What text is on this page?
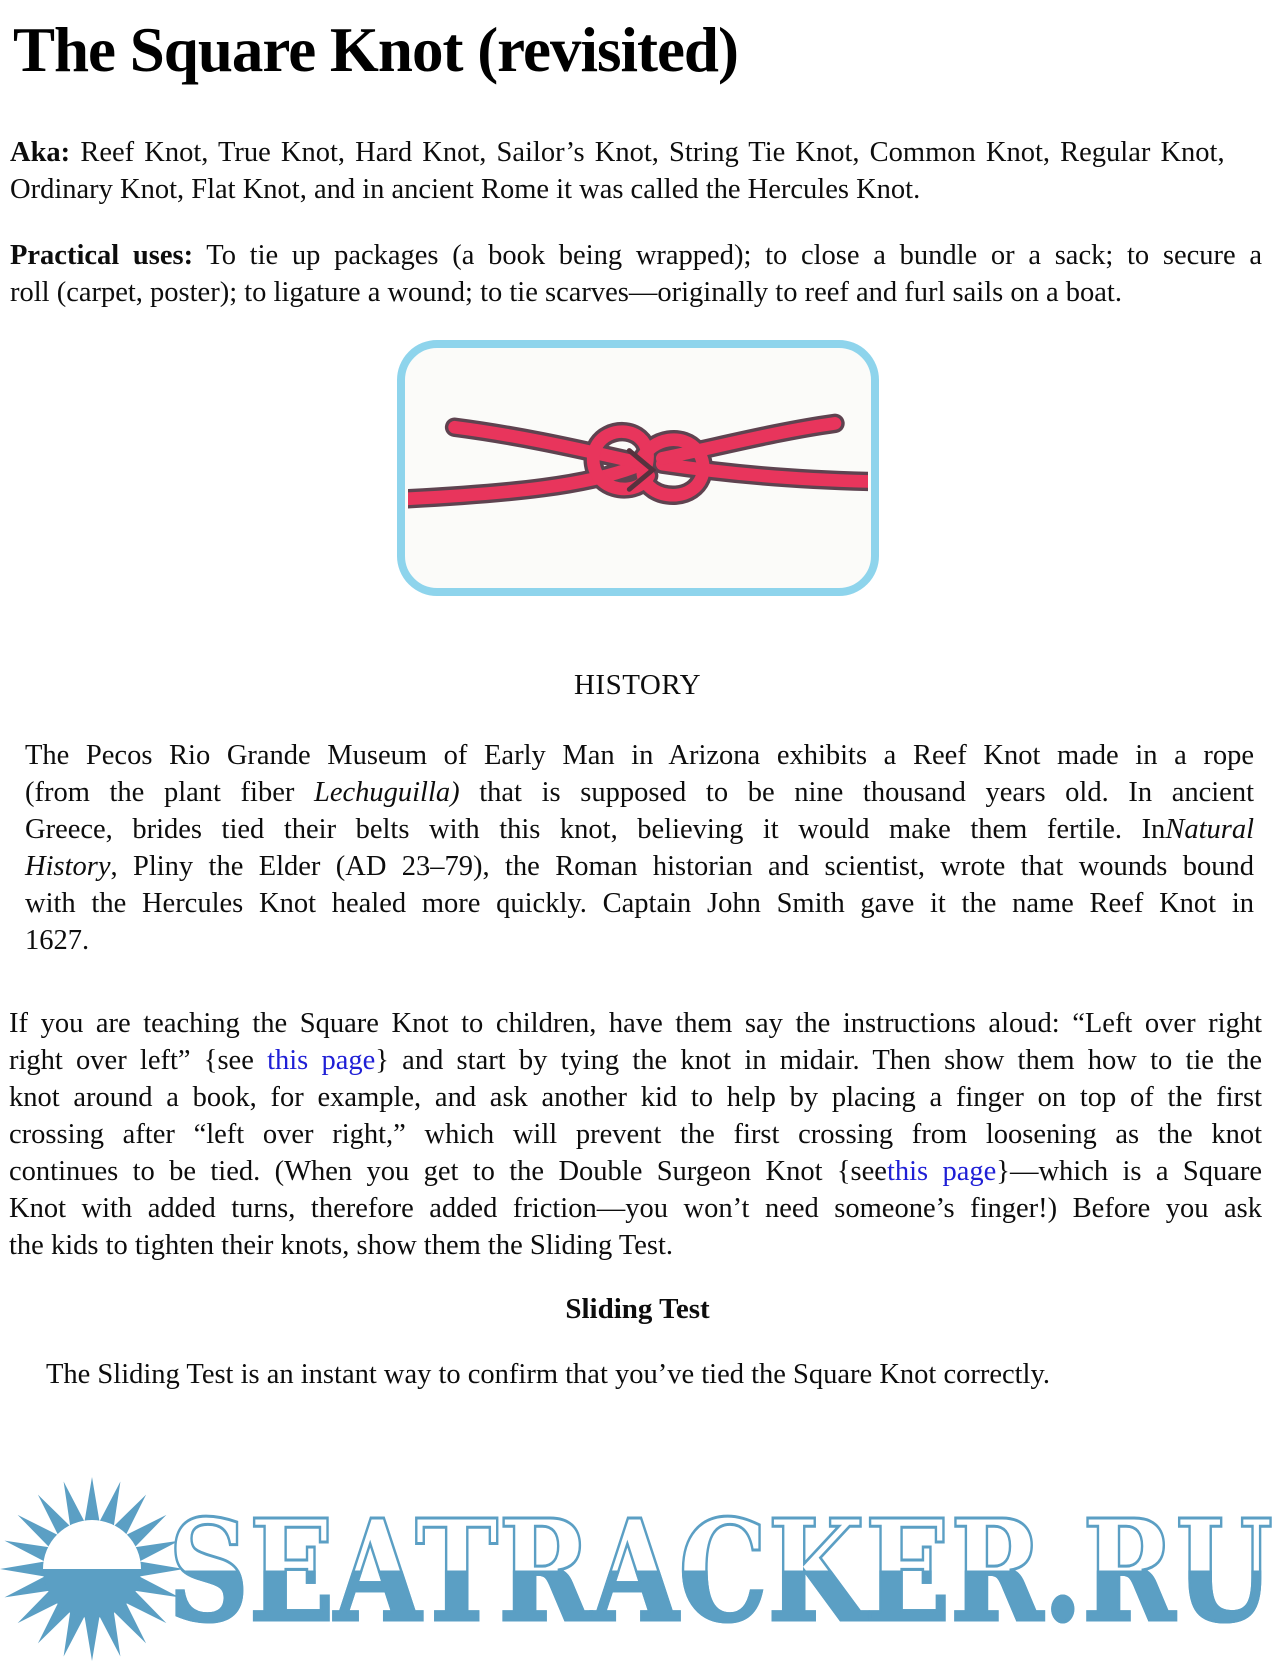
The Square Knot (revisited)

Aka: Reef Knot, True Knot, Hard Knot, Sailor’s Knot, String Tie Knot, Common Knot, Regular Knot,
Ordinary Knot, Flat Knot, and in ancient Rome it was called the Hercules Knot.

Practical uses: To tie up packages (a book being wrapped); to close a bundle or a sack; to secure a
roll (carpet, poster); to ligature a wound; to tie scarves—originally to reef and furl sails on a boat.

HISTORY

The Pecos Rio Grande Museum of Early Man in Arizona exhibits a Reef Knot made in a rope
(from the plant fiber Lechuguilla) that is supposed to be nine thousand years old. In ancient
Greece, brides tied their belts with this knot, believing it would make them fertile. InNatural
History, Pliny the Elder (AD 23–79), the Roman historian and scientist, wrote that wounds bound
with the Hercules Knot healed more quickly. Captain John Smith gave it the name Reef Knot in
1627.

If you are teaching the Square Knot to children, have them say the instructions aloud: “Left over right
right over left” {see this page} and start by tying the knot in midair. Then show them how to tie the
knot around a book, for example, and ask another kid to help by placing a finger on top of the first
crossing after “left over right,” which will prevent the first crossing from loosening as the knot
continues to be tied. (When you get to the Double Surgeon Knot {seethis page}—which is a Square
Knot with added turns, therefore added friction—you won’t need someone’s finger!) Before you ask
the kids to tighten their knots, show them the Sliding Test.

Sliding Test

The Sliding Test is an instant way to confirm that you’ve tied the Square Knot correctly.

SEATRACKER.RU
